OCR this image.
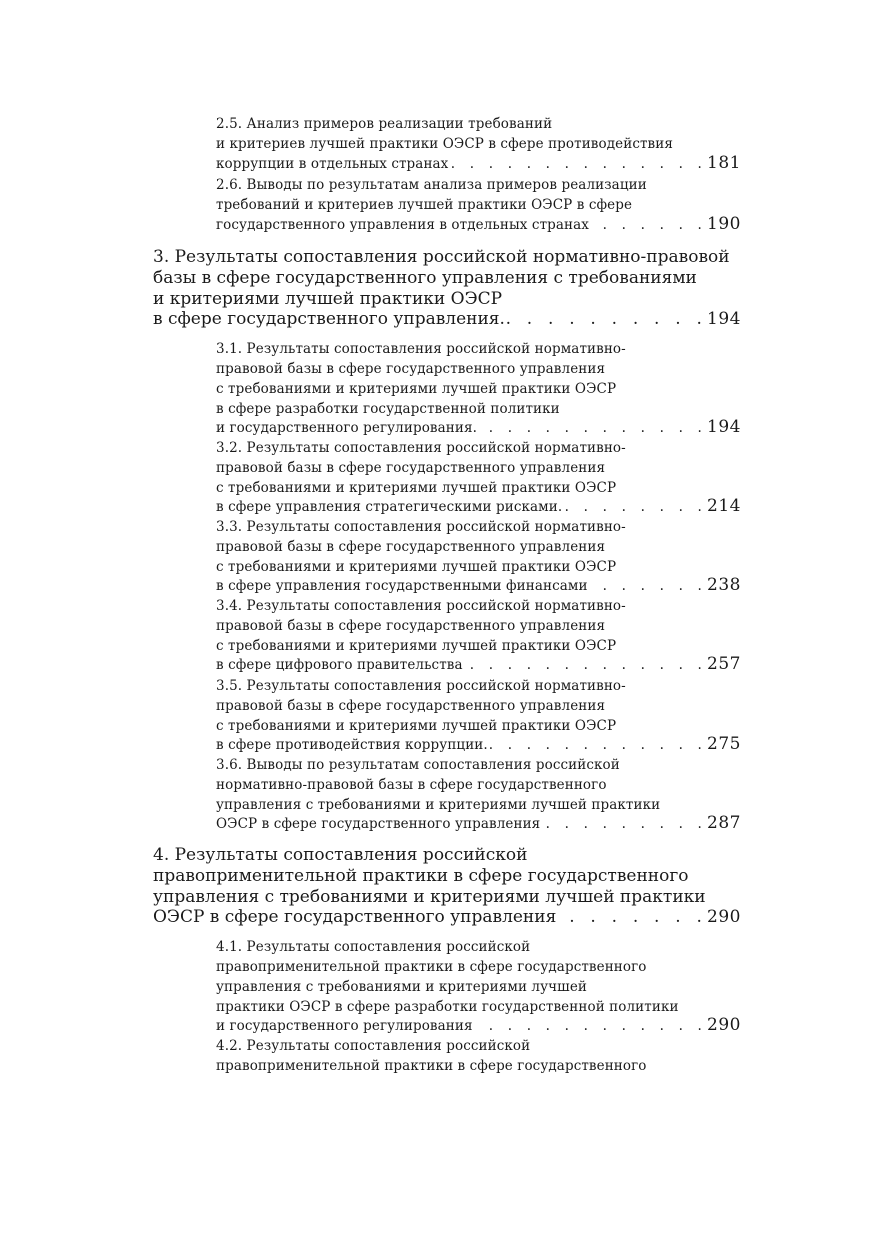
2.5. Анализ примеров реализации требований
и критериев лучшей практики ОЭСР в сфере противодействия
коррупции в отдельных странах . . .	181
2.6. Выводы по результатам анализа примеров реализации
требований и критериев лучшей практики ОЭСР в сфере
государственного управления в отдельных странах . . .	190
3. Результаты сопоставления российской нормативно-правовой
базы в сфере государственного управления с требованиями
и критериями лучшей практики ОЭСР
в сфере государственного управления. . . .	194
3.1. Результаты сопоставления российской нормативно-
правовой базы в сфере государственного управления
с требованиями и критериями лучшей практики ОЭСР
в сфере разработки государственной политики
и государственного регулирования. . . .	194
3.2. Результаты сопоставления российской нормативно-
правовой базы в сфере государственного управления
с требованиями и критериями лучшей практики ОЭСР
в сфере управления стратегическими рисками. . . .	214
3.3. Результаты сопоставления российской нормативно-
правовой базы в сфере государственного управления
с требованиями и критериями лучшей практики ОЭСР
в сфере управления государственными финансами . . .	238
3.4. Результаты сопоставления российской нормативно-
правовой базы в сфере государственного управления
с требованиями и критериями лучшей практики ОЭСР
в сфере цифрового правительства . . .	257
3.5. Результаты сопоставления российской нормативно-
правовой базы в сфере государственного управления
с требованиями и критериями лучшей практики ОЭСР
в сфере противодействия коррупции. . . .	275
3.6. Выводы по результатам сопоставления российской
нормативно-правовой базы в сфере государственного
управления с требованиями и критериями лучшей практики
ОЭСР в сфере государственного управления . . .	287
4. Результаты сопоставления российской
правоприменительной практики в сфере государственного
управления с требованиями и критериями лучшей практики
ОЭСР в сфере государственного управления . . .	290
4.1. Результаты сопоставления российской
правоприменительной практики в сфере государственного
управления с требованиями и критериями лучшей
практики ОЭСР в сфере разработки государственной политики
и государственного регулирования . . .	290
4.2. Результаты сопоставления российской
правоприменительной практики в сфере государственного
